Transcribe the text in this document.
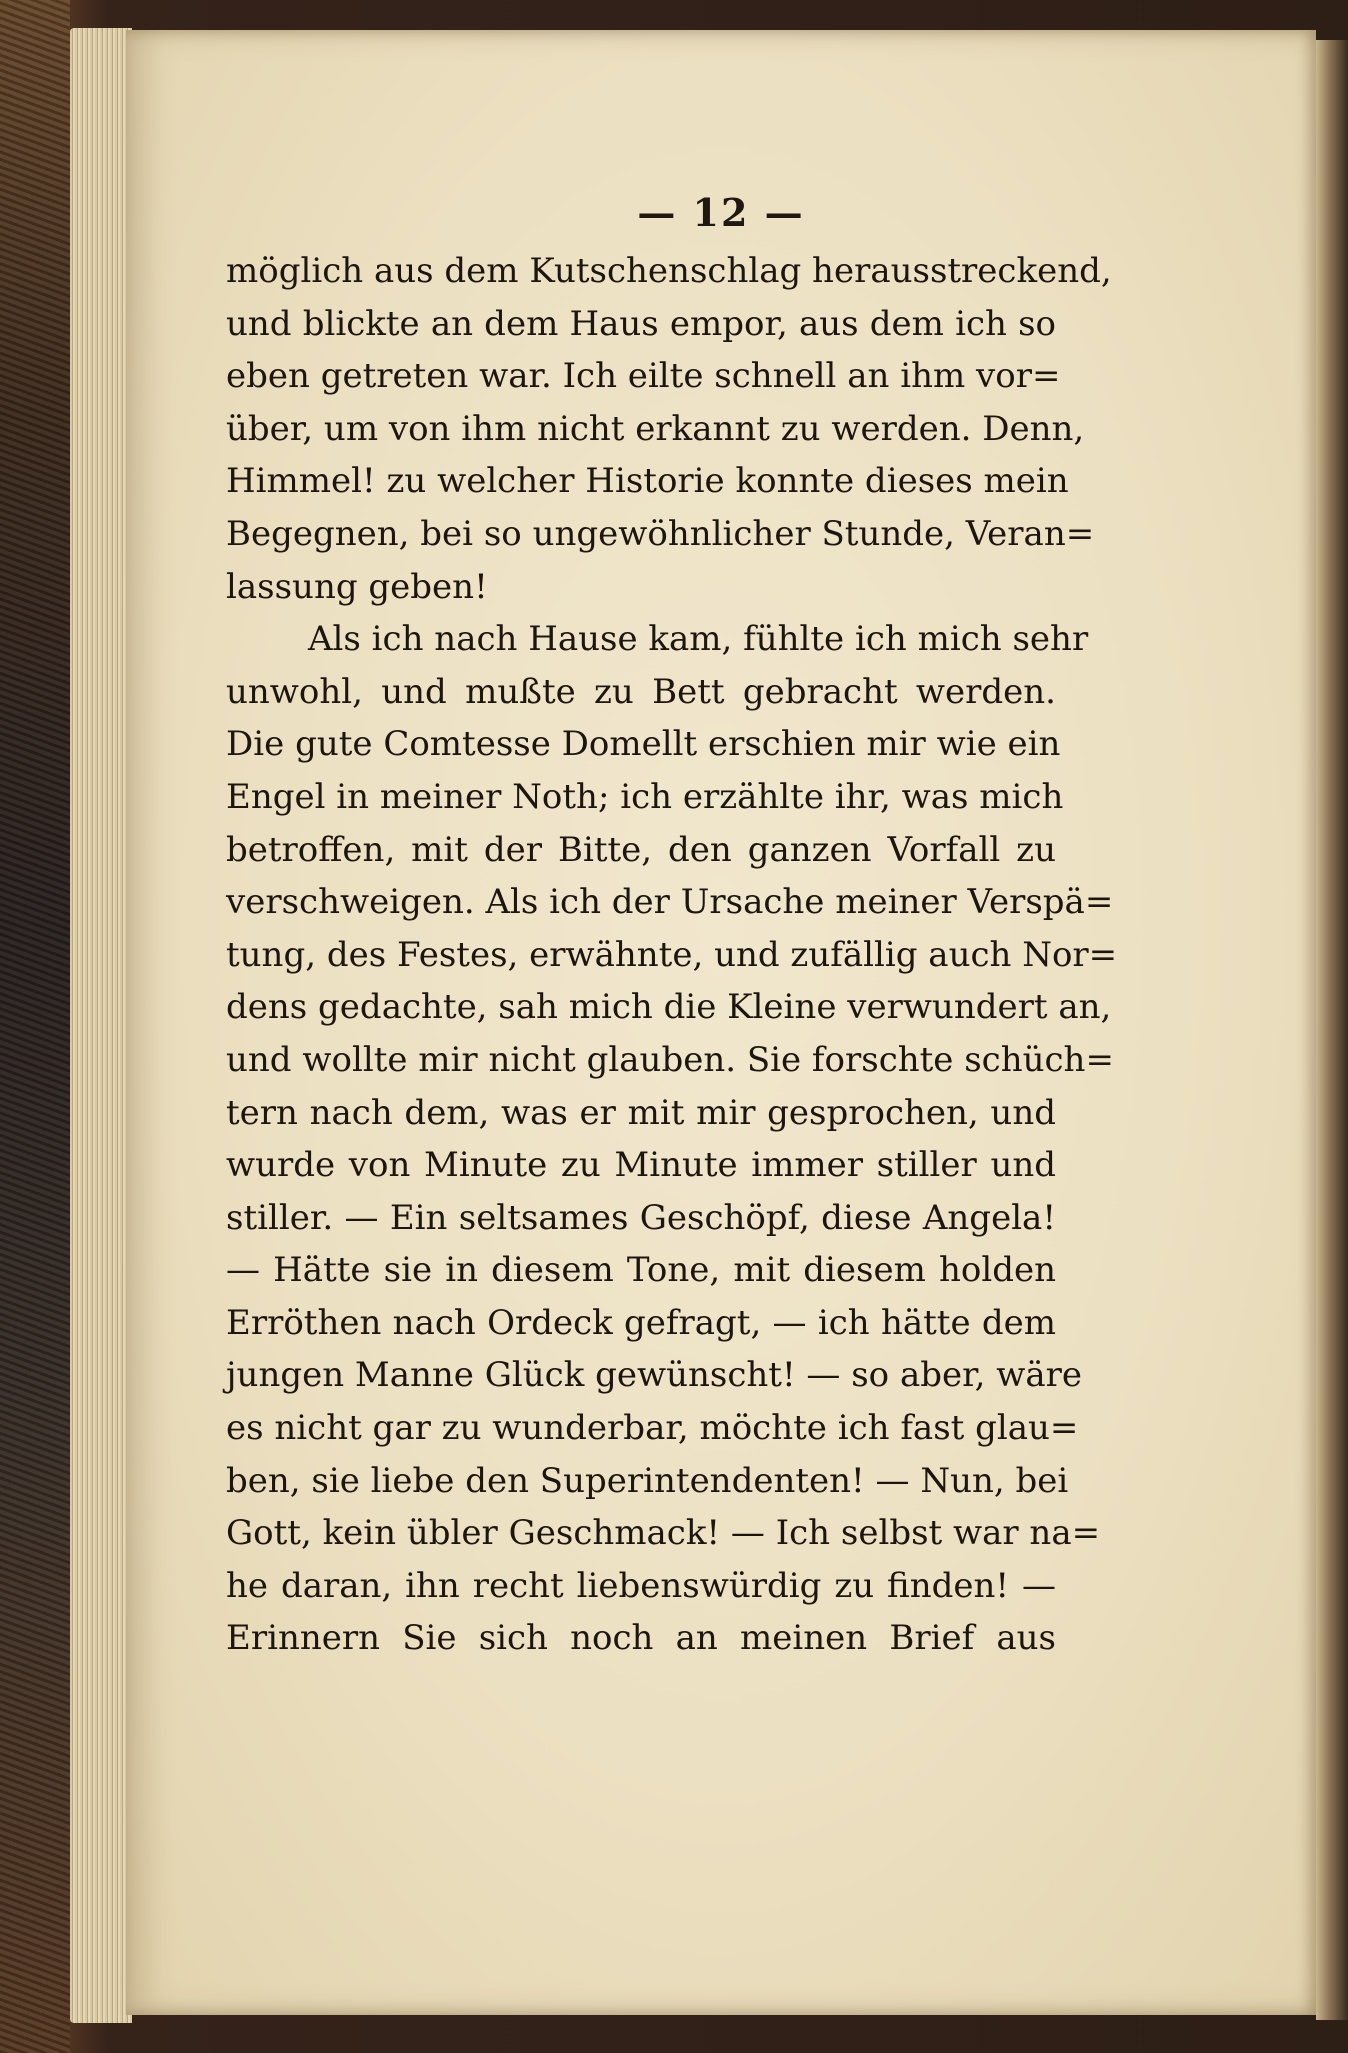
— 12 —
möglich aus dem Kutschenschlag herausstreckend,
und blickte an dem Haus empor, aus dem ich so
eben getreten war. Ich eilte schnell an ihm vor=
über, um von ihm nicht erkannt zu werden. Denn,
Himmel! zu welcher Historie konnte dieses mein
Begegnen, bei so ungewöhnlicher Stunde, Veran=
lassung geben!
Als ich nach Hause kam, fühlte ich mich sehr
unwohl, und mußte zu Bett gebracht werden.
Die gute Comtesse Domellt erschien mir wie ein
Engel in meiner Noth; ich erzählte ihr, was mich
betroffen, mit der Bitte, den ganzen Vorfall zu
verschweigen. Als ich der Ursache meiner Verspä=
tung, des Festes, erwähnte, und zufällig auch Nor=
dens gedachte, sah mich die Kleine verwundert an,
und wollte mir nicht glauben. Sie forschte schüch=
tern nach dem, was er mit mir gesprochen, und
wurde von Minute zu Minute immer stiller und
stiller. — Ein seltsames Geschöpf, diese Angela!
— Hätte sie in diesem Tone, mit diesem holden
Erröthen nach Ordeck gefragt, — ich hätte dem
jungen Manne Glück gewünscht! — so aber, wäre
es nicht gar zu wunderbar, möchte ich fast glau=
ben, sie liebe den Superintendenten! — Nun, bei
Gott, kein übler Geschmack! — Ich selbst war na=
he daran, ihn recht liebenswürdig zu finden! —
Erinnern Sie sich noch an meinen Brief aus
